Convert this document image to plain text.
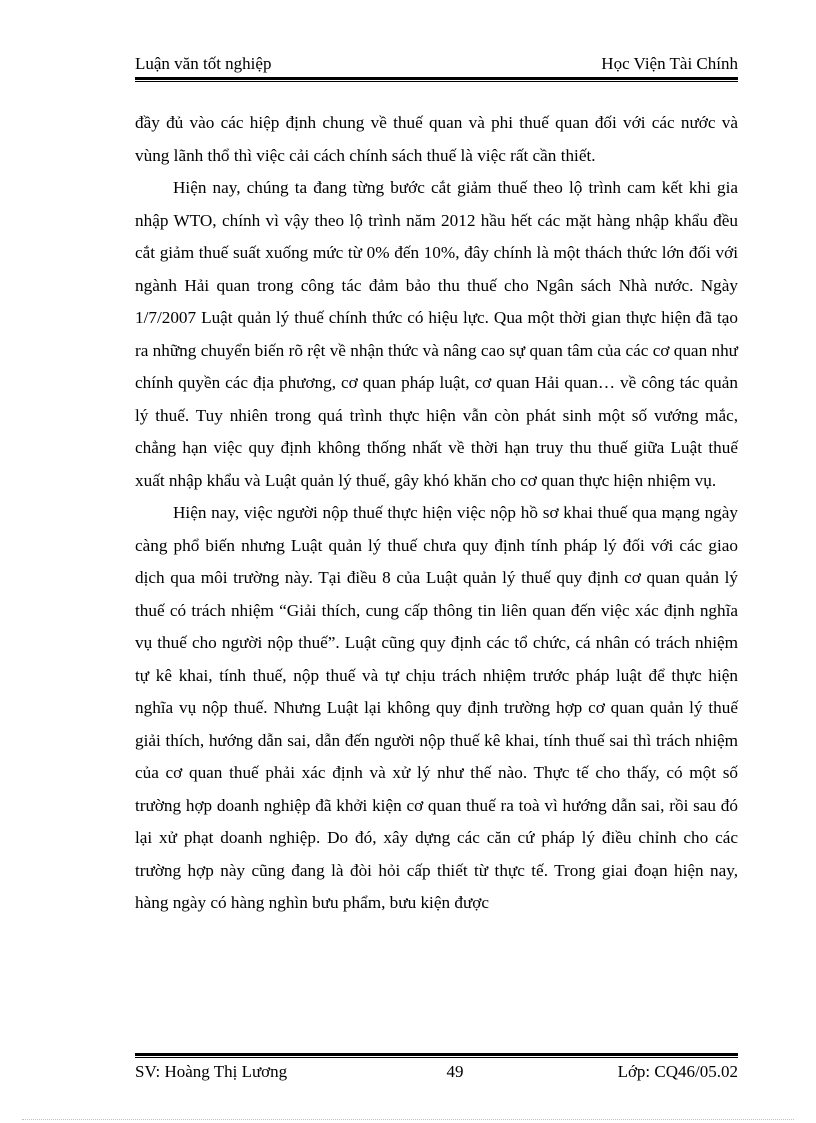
Luận văn tốt nghiệp	Học Viện Tài Chính

đầy đủ vào các hiệp định chung về thuế quan và phi thuế quan đối với các nước và vùng lãnh thổ thì việc cải cách chính sách thuế là việc rất cần thiết.

Hiện nay, chúng ta đang từng bước cắt giảm thuế theo lộ trình cam kết khi gia nhập WTO, chính vì vậy theo lộ trình năm 2012 hầu hết các mặt hàng nhập khẩu đều cắt giảm thuế suất xuống mức từ 0% đến 10%, đây chính là một thách thức lớn đối với ngành Hải quan trong công tác đảm bảo thu thuế cho Ngân sách Nhà nước. Ngày 1/7/2007 Luật quản lý thuế chính thức có hiệu lực. Qua một thời gian thực hiện đã tạo ra những chuyển biến rõ rệt về nhận thức và nâng cao sự quan tâm của các cơ quan như chính quyền các địa phương, cơ quan pháp luật, cơ quan Hải quan… về công tác quản lý thuế. Tuy nhiên trong quá trình thực hiện vẫn còn phát sinh một số vướng mắc, chẳng hạn việc quy định không thống nhất về thời hạn truy thu thuế giữa Luật thuế xuất nhập khẩu và Luật quản lý thuế, gây khó khăn cho cơ quan thực hiện nhiệm vụ.

Hiện nay, việc người nộp thuế thực hiện việc nộp hồ sơ khai thuế qua mạng ngày càng phổ biến nhưng Luật quản lý thuế chưa quy định tính pháp lý đối với các giao dịch qua môi trường này. Tại điều 8 của Luật quản lý thuế quy định cơ quan quản lý thuế có trách nhiệm “Giải thích, cung cấp thông tin liên quan đến việc xác định nghĩa vụ thuế cho người nộp thuế”. Luật cũng quy định các tổ chức, cá nhân có trách nhiệm tự kê khai, tính thuế, nộp thuế và tự chịu trách nhiệm trước pháp luật để thực hiện nghĩa vụ nộp thuế. Nhưng Luật lại không quy định trường hợp cơ quan quản lý thuế giải thích, hướng dẫn sai, dẫn đến người nộp thuế kê khai, tính thuế sai thì trách nhiệm của cơ quan thuế phải xác định và xử lý như thế nào. Thực tế cho thấy, có một số trường hợp doanh nghiệp đã khởi kiện cơ quan thuế ra toà vì hướng dẫn sai, rồi sau đó lại xử phạt doanh nghiệp. Do đó, xây dựng các căn cứ pháp lý điều chỉnh cho các trường hợp này cũng đang là đòi hỏi cấp thiết từ thực tế. Trong giai đoạn hiện nay, hàng ngày có hàng nghìn bưu phẩm, bưu kiện được

SV: Hoàng Thị Lương	49	Lớp: CQ46/05.02
